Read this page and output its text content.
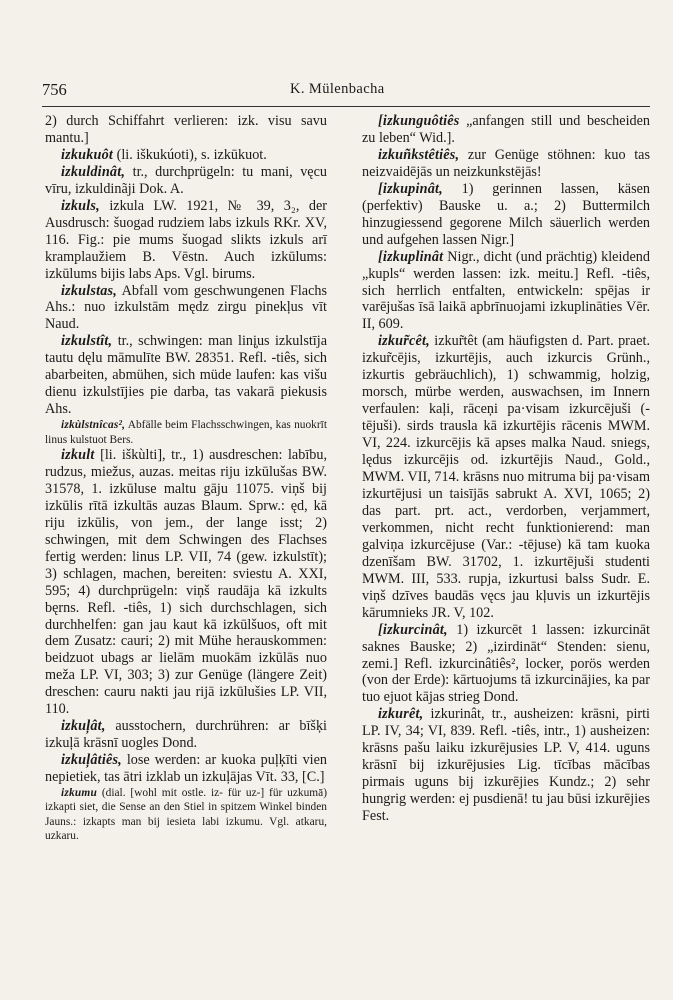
756	K. Mülenbacha

2) durch Schiffahrt verlieren: izk. visu savu mantu.]

izkukuôt (li. iškukúoti), s. izkūkuot.

izkuldinât, tr., durchprügeln: tu mani, vęcu vīru, izkuldinãji Dok. A.

izkuls, izkula LW. 1921, № 39, 3₂, der Ausdrusch: šuogad rudziem labs izkuls RKr. XV, 116. Fig.: pie mums šuogad slikts izkuls arī kramplaužiem B. Vēstn. Auch izkūlums: izkūlums bijis labs Aps. Vgl. birums.

izkulstas, Abfall vom geschwungenen Flachs Ahs.: nuo izkulstām mędz zirgu pinekļus vīt Naud.

izkulstît, tr., schwingen: man linį̦us izkulstīja tautu dęlu māmulīte BW. 28351. Refl. -tiês, sich abarbeiten, abmühen, sich müde laufen: kas višu dienu izkulstījies pie darba, tas vakarā piekusis Ahs.

izkùlstnîcas², Abfälle beim Flachsschwingen, kas nuokrīt linus kulstuot Bers.

izkult [li. iškùlti], tr., 1) ausdreschen: labību, rudzus, miežus, auzas. meitas riju izkūlušas BW. 31578, 1. izkūluse maltu gāju 11075. viņš bij izkūlis rītā izkultās auzas Blaum. Sprw.: ęd, kā riju izkūlis, von jem., der lange isst; 2) schwingen, mit dem Schwingen des Flachses fertig werden: linus LP. VII, 74 (gew. izkulstīt); 3) schlagen, machen, bereiten: sviestu A. XXI, 595; 4) durchprügeln: viņš raudāja kā izkults bęrns. Refl. -tiês, 1) sich durchschlagen, sich durchhelfen: gan jau kaut kā izkūlšuos, oft mit dem Zusatz: cauri; 2) mit Mühe herauskommen: beidzuot ubags ar lielām muokām izkūlās nuo meža LP. VI, 303; 3) zur Genüge (längere Zeit) dreschen: cauru nakti jau rijā izkūlušies LP. VII, 110.

izkuļât, ausstochern, durchrühren: ar bīšķi izkuļā krāsnī uogles Dond.

izkuļâtiês, lose werden: ar kuoka puļķīti vien nepietiek, tas ātri izklab un izkuļājas Vīt. 33, [C.]

izkumu (dial. [wohl mit ostle. iz- für uz-] für uzkumā) izkapti siet, die Sense an den Stiel in spitzem Winkel binden Jauns.: izkapts man bij iesieta labi izkumu. Vgl. atkaru, uzkaru.

[izkunguôtiês „anfangen still und bescheiden zu leben“ Wid.].

izkuñkstêtiês, zur Genüge stöhnen: kuo tas neizvaidējās un neizkunkstējās!

[izkupinât, 1) gerinnen lassen, käsen (perfektiv) Bauske u. a.; 2) Buttermilch hinzugiessend gegorene Milch säuerlich werden und aufgehen lassen Nigr.]

[izkuplinât Nigr., dicht (und prächtig) kleidend „kupls“ werden lassen: izk. meitu.] Refl. -tiês, sich herrlich entfalten, entwickeln: spējas ir varējušas īsā laikā apbrīnuojami izkuplināties Vēr. II, 609.

izkur̃cêt, izkur̃têt (am häufigsten d. Part. praet. izkur̃cējis, izkurtējis, auch izkurcis Grünh., izkurtis gebräuchlich), 1) schwammig, holzig, morsch, mürbe werden, auswachsen, im Innern verfaulen: kaļi, rāceņi pa·visam izkurcējuši (-tējuši). sirds trausla kā izkurtējis rācenis MWM. VI, 224. izkurcējis kā apses malka Naud. sniegs, lędus izkurcējis od. izkurtējis Naud., Gold., MWM. VII, 714. krāsns nuo mitruma bij pa·visam izkurtējusi un taisījās sabrukt A. XVI, 1065; 2) das part. prt. act., verdorben, verjammert, verkommen, nicht recht funktionierend: man galviņa izkurcējuse (Var.: -tējuse) kā tam kuoka dzenīšam BW. 31702, 1. izkurtējuši studenti MWM. III, 533. rupja, izkurtusi balss Sudr. E. viņš dzīves baudās vęcs jau kļuvis un izkurtējis kārumnieks JR. V, 102.

[izkurcinât, 1) izkurcēt 1 lassen: izkurcināt saknes Bauske; 2) „izirdināt“ Stenden: sienu, zemi.] Refl. izkurcinâtiês², locker, porös werden (von der Erde): kārtuojums tā izkurcinājies, ka par tuo ejuot kājas strieg Dond.

izkurêt, izkurinât, tr., ausheizen: krāsni, pirti LP. IV, 34; VI, 839. Refl. -tiês, intr., 1) ausheizen: krāsns pašu laiku izkurējusies LP. V, 414. uguns krāsnī bij izkurējusies Lig. tīcības mācības pirmais uguns bij izkurējies Kundz.; 2) sehr hungrig werden: ej pusdienā! tu jau būsi izkurējies Fest.
